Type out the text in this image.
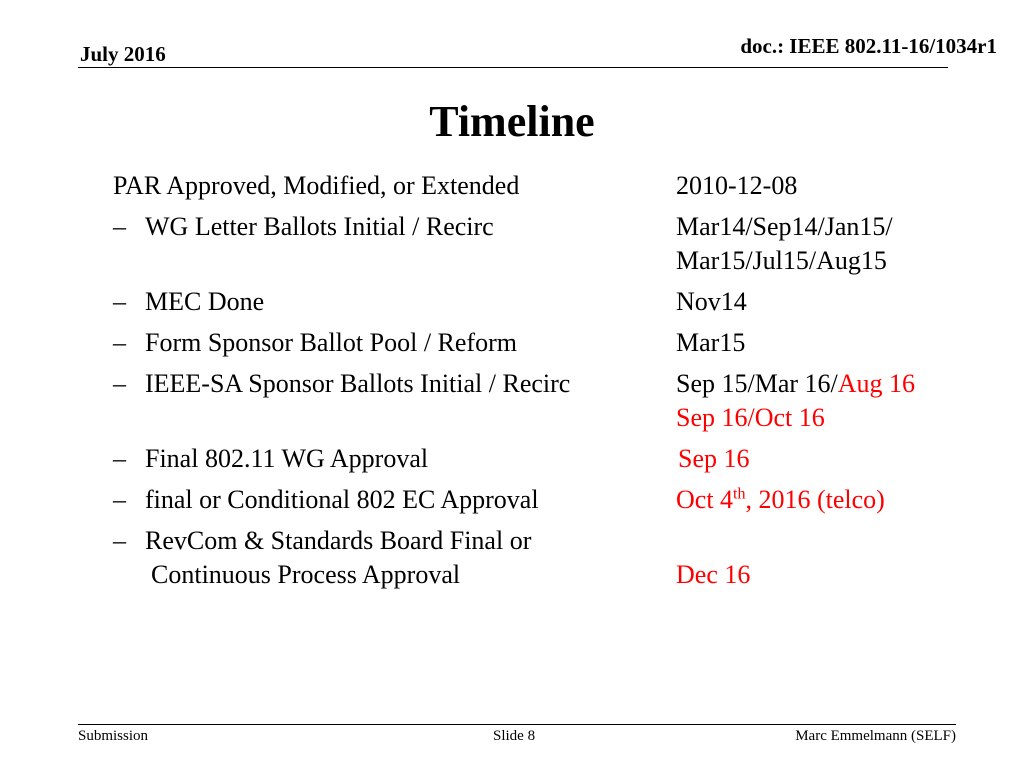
July 2016	doc.: IEEE 802.11-16/1034r1
Timeline
PAR Approved, Modified, or Extended	2010-12-08
– WG Letter Ballots Initial / Recirc	Mar14/Sep14/Jan15/
Mar15/Jul15/Aug15
– MEC Done	Nov14
– Form Sponsor Ballot Pool / Reform	Mar15
– IEEE-SA Sponsor Ballots Initial / Recirc	Sep 15/Mar 16/Aug 16
Sep 16/Oct 16
– Final 802.11 WG Approval	Sep 16
– final or Conditional 802 EC Approval	Oct 4th, 2016 (telco)
– RevCom & Standards Board Final or
Continuous Process Approval	Dec 16
Submission	Slide 8	Marc Emmelmann (SELF)
